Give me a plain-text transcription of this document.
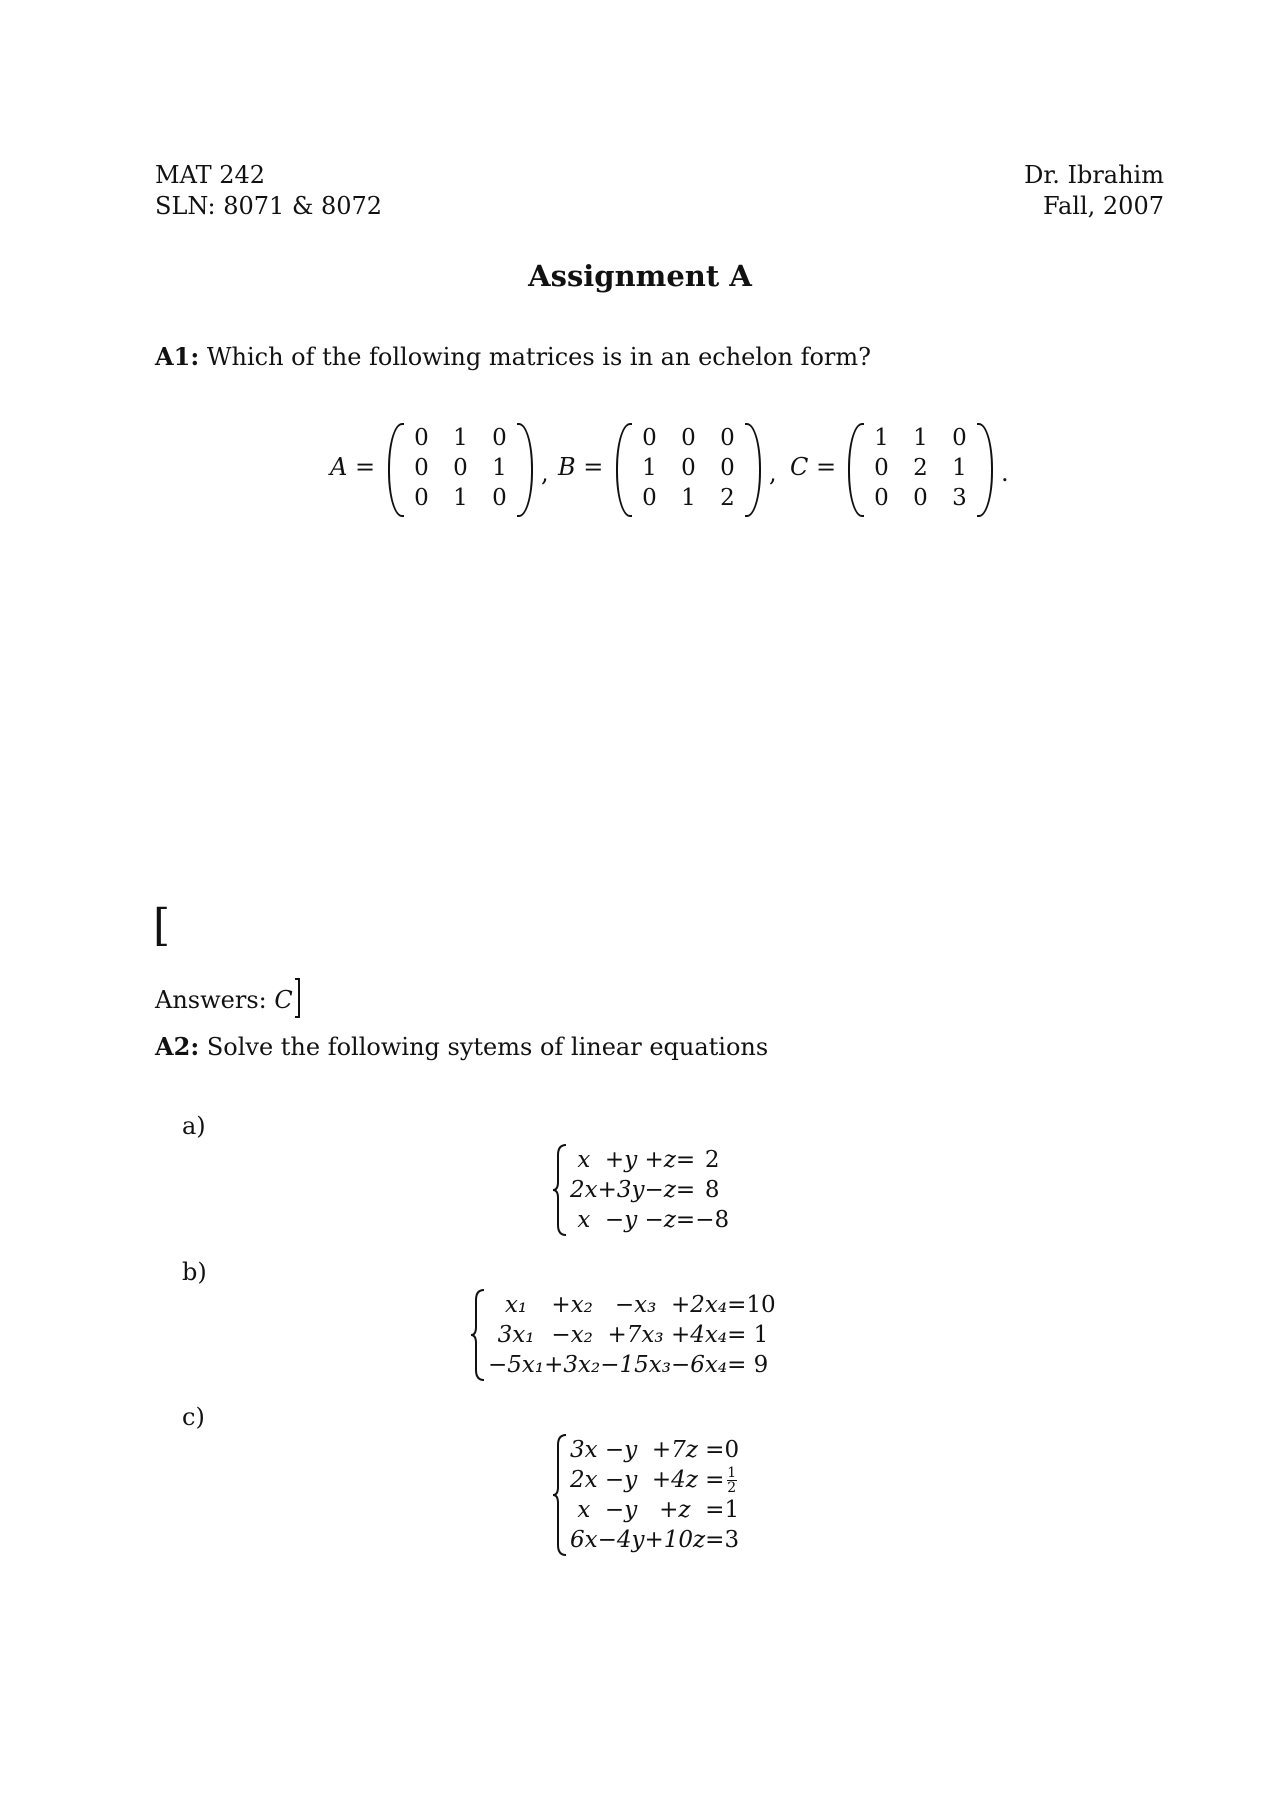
MAT 242
SLN: 8071 & 8072
Dr. Ibrahim
Fall, 2007
Assignment A
A1: Which of the following matrices is in an echelon form?
A =
0	1	0
0	0	1
0	1	0
, B =
0	0	0
1	0	0
0	1	2
, C =
1	1	0
0	2	1
0	0	3
.
[
Answers: C
A2: Solve the following sytems of linear equations
a)
x	+y	+z	=	2
2x	+3y	−z	=	8
x	−y	−z	=	−8
b)
x₁	+x₂	−x₃	+2x₄	=	10
3x₁	−x₂	+7x₃	+4x₄	=	1
−5x₁	+3x₂	−15x₃	−6x₄	=	9
c)
3x	−y	+7z	=	0
2x	−y	+4z	=	$\frac{1}{2}$

x	−y	+z	=	1
6x	−4y	+10z	=	3
